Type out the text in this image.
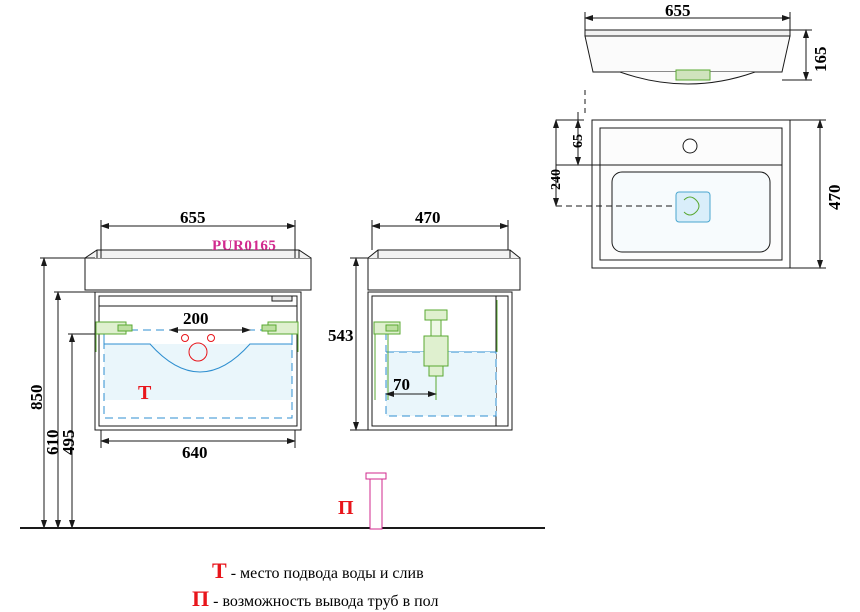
655
640
200
850
610
495
470
543
70
655
165
470
65
240
PUR0165
Т
П
Т - место подвода воды и слив
П - возможность вывода труб в пол
